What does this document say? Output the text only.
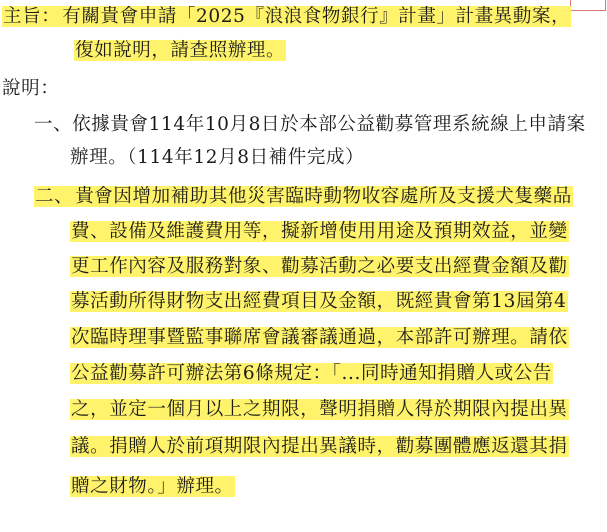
主旨： 有關貴會申請「2025『浪浪食物銀行』計畫」計畫異動案，
復如說明，請查照辦理。
說明：
一、依據貴會114年10月8日於本部公益勸募管理系統線上申請案
辦理。（114年12月8日補件完成）
二、 貴會因增加補助其他災害臨時動物收容處所及支援犬隻藥品
費、設備及維護費用等，擬新增使用用途及預期效益，並變
更工作內容及服務對象、勸募活動之必要支出經費金額及勸
募活動所得財物支出經費項目及金額，既經貴會第13屆第4
次臨時理事暨監事聯席會議審議通過，本部許可辦理。請依
公益勸募許可辦法第6條規定：「...同時通知捐贈人或公告
之，並定一個月以上之期限，聲明捐贈人得於期限內提出異
議。捐贈人於前項期限內提出異議時，勸募團體應返還其捐
贈之財物。」辦理。
